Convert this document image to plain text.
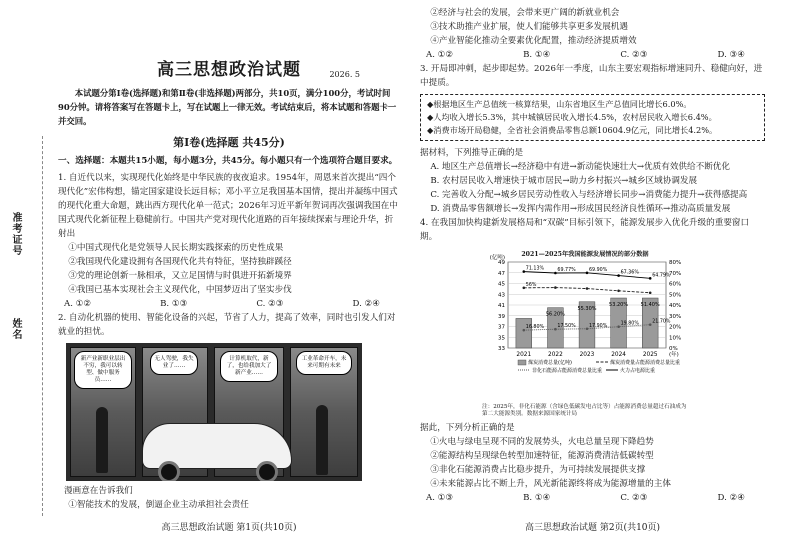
准考证号
姓名
高三思想政治试题	2026. 5

本试题分第Ⅰ卷(选择题)和第Ⅱ卷(非选择题)两部分，共10页，满分100分，考试时间90分钟。请将答案写在答题卡上，写在试题上一律无效。考试结束后，将本试题和答题卡一并交回。

第Ⅰ卷(选择题 共45分)

一、选择题：本题共15小题，每小题3分，共45分。每小题只有一个选项符合题目要求。

1. 自近代以来，实现现代化始终是中华民族的夜夜追求。1954年，周恩来首次提出“四个现代化”宏伟构想，锚定国家建设长远目标；邓小平立足我国基本国情，提出并凝练中国式的现代化重大命题，跳出西方现代化单一范式；2026年习近平新年贺词再次强调我国在中国式现代化新征程上稳健前行。中国共产党对现代化道路的百年接续探索与理论升华，折射出

①中国式现代化是党领导人民长期实践探索的历史性成果

②我国现代化建设拥有各国现代化共有特征，坚持独辟蹊径

③党的理论创新一脉相承，又立足国情与时俱进开拓新境界

④我国已基本实现社会主义现代化，中国梦迈出了坚实步伐

A. ①②	B. ①③	C. ②③	D. ②④

2. 自动化机器的使用、智能化设备的兴起，节省了人力，提高了效率，同时也引发人们对就业的担忧。

新产业新职业层出不穷，我可以转型、做中服务员……
无人驾驶，我失业了……
计算机取代，新了，也给我加大了新产业……
工业革命开车，未来可期有未来

漫画意在告诉我们

①智能技术的发展，倒逼企业主动承担社会责任

高三思想政治试题 第1页(共10页)

②经济与社会的发展，会带来更广阔的新就业机会

③技术助推产业扩展，使人们能够共享更多发展机遇

④产业智能化推动全要素优化配置，推动经济提质增效

A. ①②	B. ①④	C. ②③	D. ③④

3. 开局即冲刺，起步即起势。2026年一季度，山东主要宏观指标增速同升、稳健向好，进中提质。

◆根据地区生产总值统一核算结果，山东省地区生产总值同比增长6.0%。

◆人均收入增长5.3%，其中城镇居民收入增长4.5%，农村居民收入增长6.4%。

◆消费市场开局稳健，全省社会消费品零售总额10604.9亿元，同比增长4.2%。

据材料，下列推导正确的是

A. 地区生产总值增长→经济稳中有进→新动能快速壮大→优质有效供给不断优化

B. 农村居民收入增速快于城市居民→助力乡村振兴→城乡区域协调发展

C. 完善收入分配→城乡居民劳动性收入与经济增长同步→消费能力提升→获得感提高

D. 消费品零售额增长→发挥内需作用→形成国民经济良性循环→推动高质量发展

4. 在我国加快构建新发展格局和“双碳”目标引领下，能源发展步入优化升级的重要窗口期。

2021—2025年我国能源发展情况的部分数据
33
35
37
39
41
43
45
47
49
0%
10%
20%
30%
40%
50%
60%
70%
80%
(亿吨)
(年)
56.20%
55.30%
53.20%	51.40%
2021	2022	2023	2024	2025
56%
16.80%	17.50%	17.90%	19.80%	21.70%
71.13%	69.77%	69.90%
67.36%
64.79%
煤炭消费总量(亿吨)	煤炭消费量占能源消费总量比重
非化石能源占能源消费总量比重	火力占电源比重

注：2025年，非化石能源（含绿色低碳发电占比等）占能源消费总量超过石油成为第二大能源类别。数据来源国家统计局

据此，下列分析正确的是

①火电与绿电呈现不同的发展势头，火电总量呈现下降趋势

②能源结构呈现绿色转型加速特征，能源消费清洁低碳转型

③非化石能源消费占比稳步提升，为可持续发展提供支撑

④未来能源占比不断上升，风光新能源终将成为能源增量的主体

A. ①③	B. ①④	C. ②③	D. ②④
高三思想政治试题 第2页(共10页)
